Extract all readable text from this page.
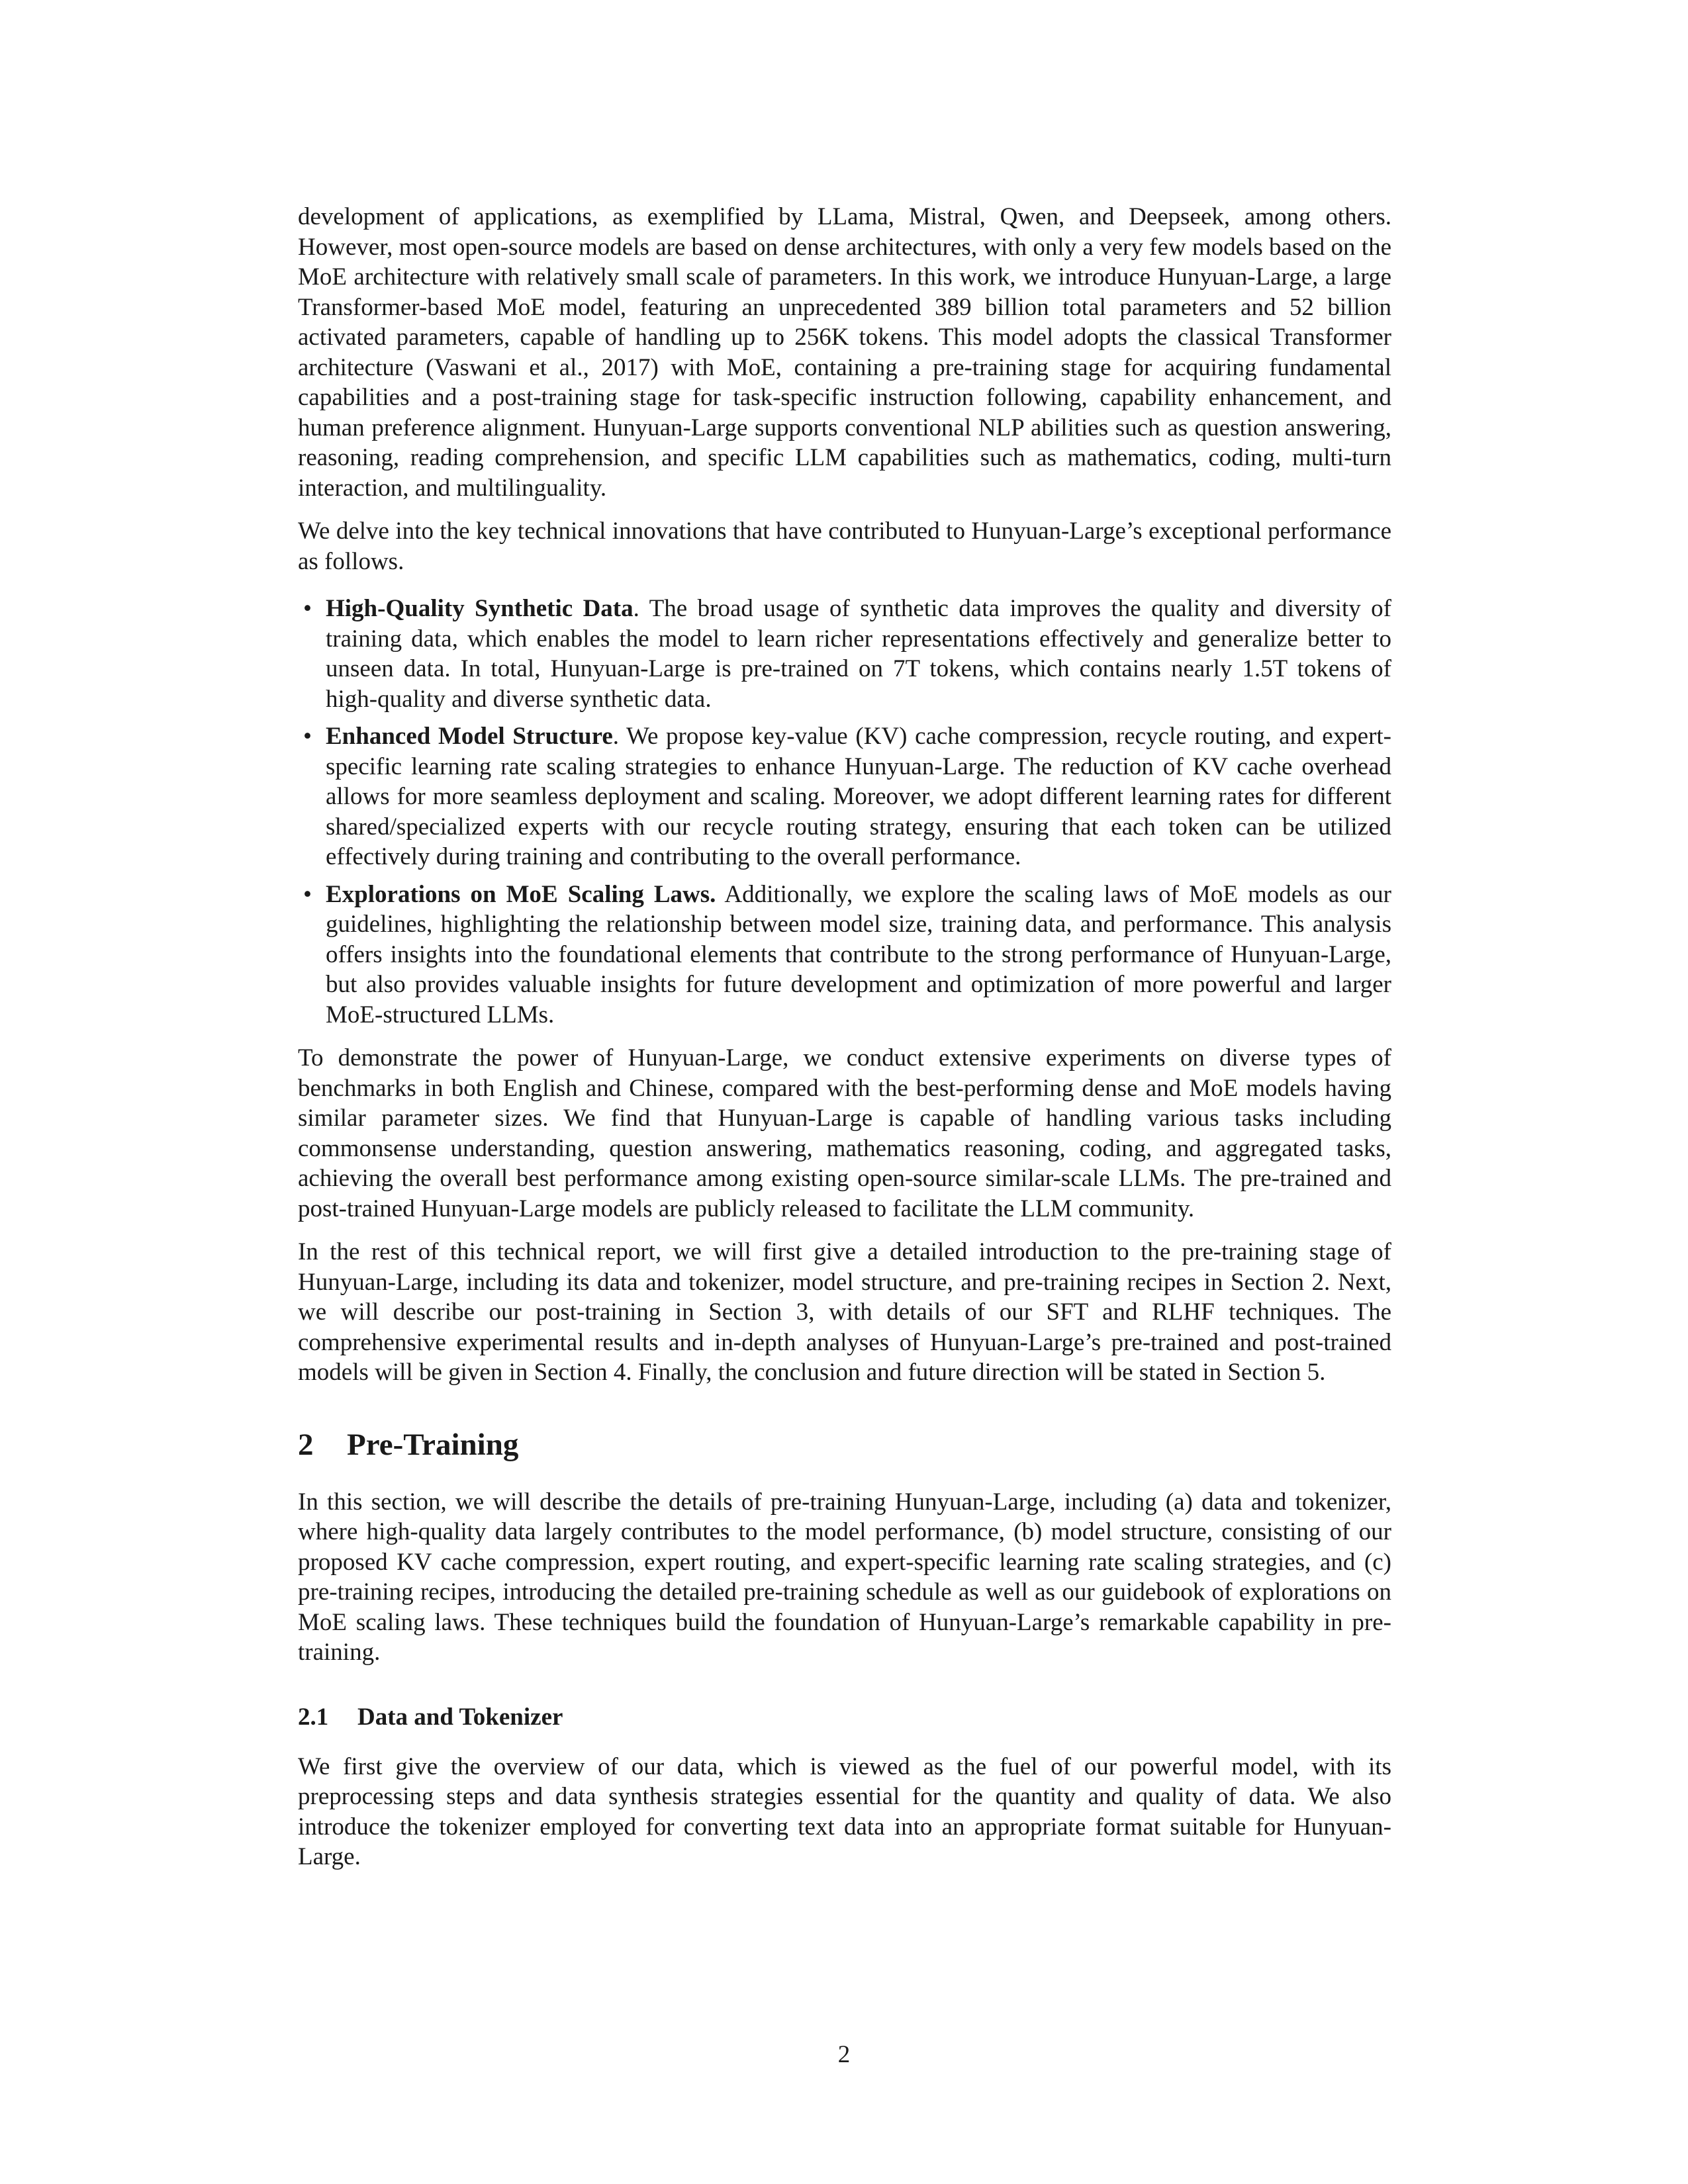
development of applications, as exemplified by LLama, Mistral, Qwen, and Deepseek, among others. However, most open-source models are based on dense architectures, with only a very few models based on the MoE architecture with relatively small scale of parameters. In this work, we introduce Hunyuan-Large, a large Transformer-based MoE model, featuring an unprecedented 389 billion total parameters and 52 billion activated parameters, capable of handling up to 256K tokens. This model adopts the classical Transformer architecture (Vaswani et al., 2017) with MoE, containing a pre-training stage for acquiring fundamental capabilities and a post-training stage for task-specific instruction following, capability enhancement, and human preference alignment. Hunyuan-Large supports conventional NLP abilities such as question answering, reasoning, reading comprehension, and specific LLM capabilities such as mathematics, coding, multi-turn interaction, and multilinguality.

We delve into the key technical innovations that have contributed to Hunyuan-Large’s exceptional performance as follows.

• High-Quality Synthetic Data. The broad usage of synthetic data improves the quality and diversity of training data, which enables the model to learn richer representations effectively and generalize better to unseen data. In total, Hunyuan-Large is pre-trained on 7T tokens, which contains nearly 1.5T tokens of high-quality and diverse synthetic data.

• Enhanced Model Structure. We propose key-value (KV) cache compression, recycle routing, and expert-specific learning rate scaling strategies to enhance Hunyuan-Large. The reduction of KV cache overhead allows for more seamless deployment and scaling. Moreover, we adopt different learning rates for different shared/specialized experts with our recycle routing strategy, ensuring that each token can be utilized effectively during training and contributing to the overall performance.

• Explorations on MoE Scaling Laws. Additionally, we explore the scaling laws of MoE models as our guidelines, highlighting the relationship between model size, training data, and performance. This analysis offers insights into the foundational elements that contribute to the strong performance of Hunyuan-Large, but also provides valuable insights for future development and optimization of more powerful and larger MoE-structured LLMs.

To demonstrate the power of Hunyuan-Large, we conduct extensive experiments on diverse types of benchmarks in both English and Chinese, compared with the best-performing dense and MoE models having similar parameter sizes. We find that Hunyuan-Large is capable of handling various tasks including commonsense understanding, question answering, mathematics reasoning, coding, and aggregated tasks, achieving the overall best performance among existing open-source similar-scale LLMs. The pre-trained and post-trained Hunyuan-Large models are publicly released to facilitate the LLM community.

In the rest of this technical report, we will first give a detailed introduction to the pre-training stage of Hunyuan-Large, including its data and tokenizer, model structure, and pre-training recipes in Section 2. Next, we will describe our post-training in Section 3, with details of our SFT and RLHF techniques. The comprehensive experimental results and in-depth analyses of Hunyuan-Large’s pre-trained and post-trained models will be given in Section 4. Finally, the conclusion and future direction will be stated in Section 5.

2 Pre-Training

In this section, we will describe the details of pre-training Hunyuan-Large, including (a) data and tokenizer, where high-quality data largely contributes to the model performance, (b) model structure, consisting of our proposed KV cache compression, expert routing, and expert-specific learning rate scaling strategies, and (c) pre-training recipes, introducing the detailed pre-training schedule as well as our guidebook of explorations on MoE scaling laws. These techniques build the foundation of Hunyuan-Large’s remarkable capability in pre-training.

2.1 Data and Tokenizer

We first give the overview of our data, which is viewed as the fuel of our powerful model, with its preprocessing steps and data synthesis strategies essential for the quantity and quality of data. We also introduce the tokenizer employed for converting text data into an appropriate format suitable for Hunyuan-Large.

2
